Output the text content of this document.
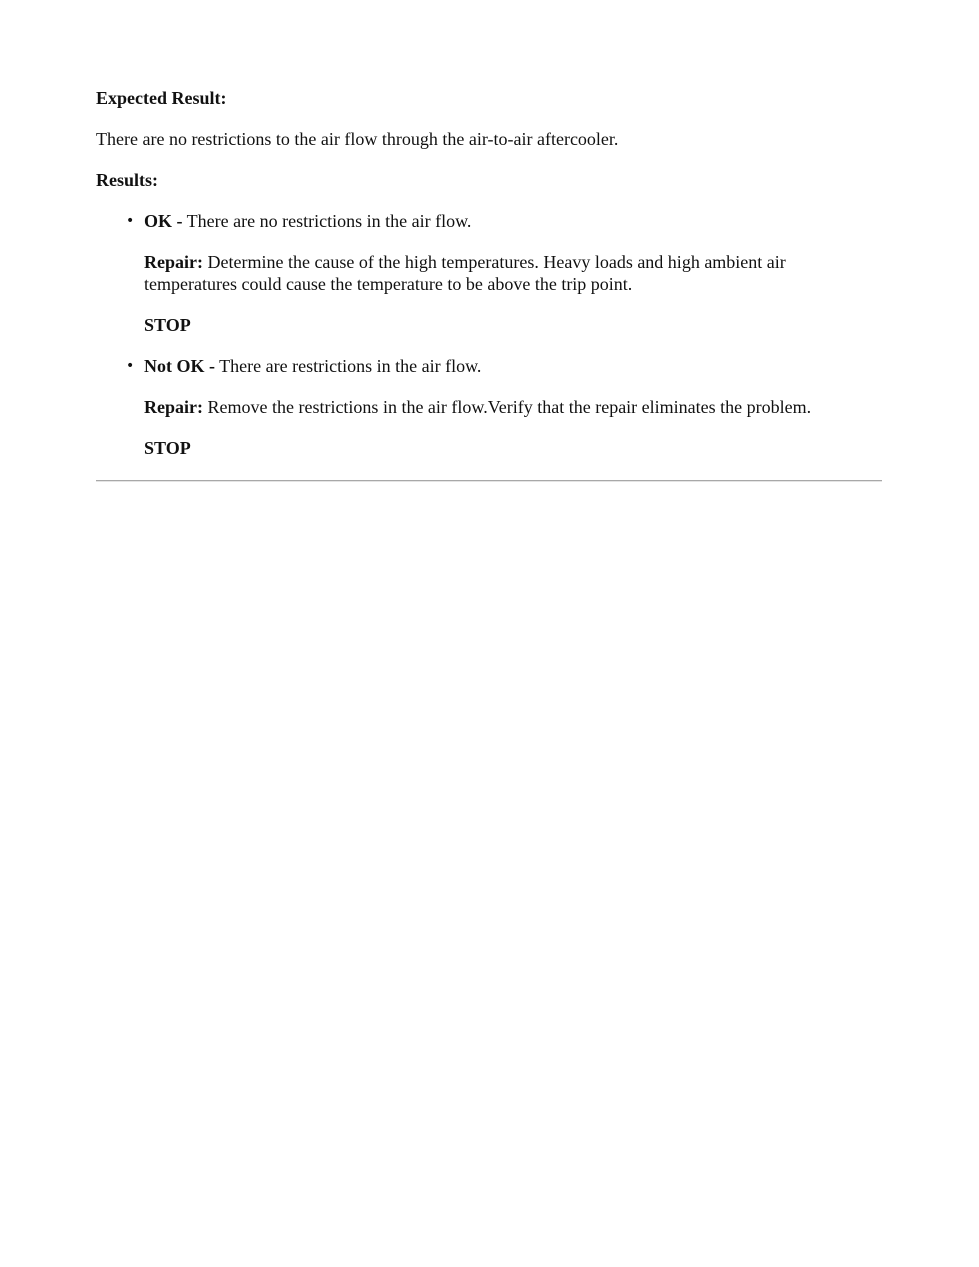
Expected Result:

There are no restrictions to the air flow through the air-to-air aftercooler.

Results:

• OK - There are no restrictions in the air flow.

Repair: Determine the cause of the high temperatures. Heavy loads and high ambient air temperatures could cause the temperature to be above the trip point.

STOP

• Not OK - There are restrictions in the air flow.

Repair: Remove the restrictions in the air flow.Verify that the repair eliminates the problem.

STOP
